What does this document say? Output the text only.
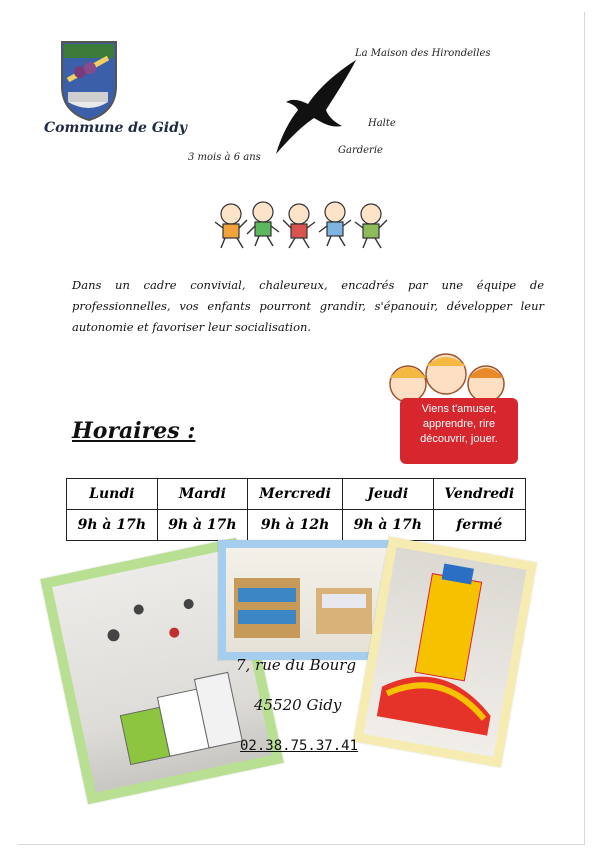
Commune de Gidy
La Maison des Hirondelles
Halte
Garderie
3 mois à 6 ans
Dans un cadre convivial, chaleureux, encadrés par une équipe de professionnelles, vos enfants pourront grandir, s'épanouir, développer leur autonomie et favoriser leur socialisation.
Viens t'amuser,
apprendre, rire
découvrir, jouer.
Horaires :
Lundi	Mardi	Mercredi	Jeudi	Vendredi
9h à 17h	9h à 17h	9h à 12h	9h à 17h	fermé
7, rue du Bourg
45520 Gidy
02.38.75.37.41
